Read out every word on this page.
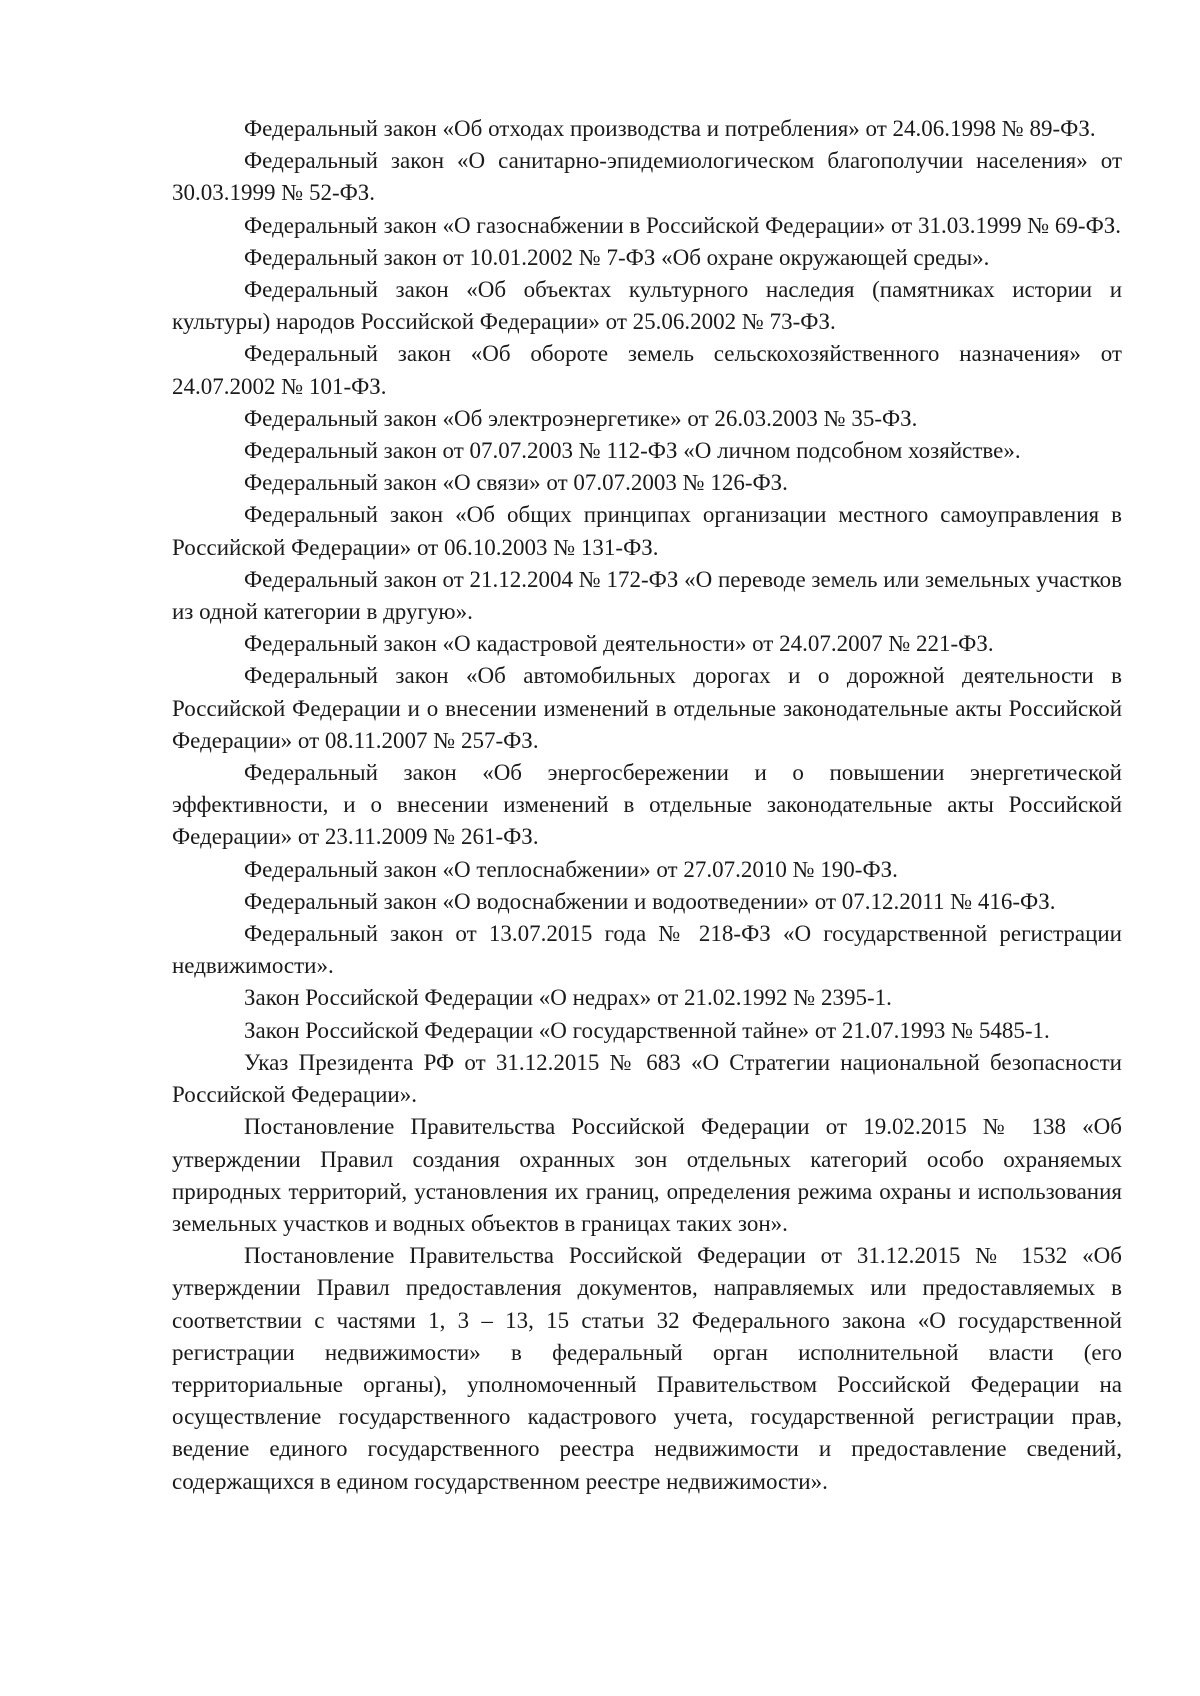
Федеральный закон «Об отходах производства и потребления» от 24.06.1998 № 89-ФЗ.

Федеральный закон «О санитарно-эпидемиологическом благополучии населения» от 30.03.1999 № 52-ФЗ.

Федеральный закон «О газоснабжении в Российской Федерации» от 31.03.1999 № 69-ФЗ.

Федеральный закон от 10.01.2002 № 7-ФЗ «Об охране окружающей среды».

Федеральный закон «Об объектах культурного наследия (памятниках истории и культуры) народов Российской Федерации» от 25.06.2002 № 73-ФЗ.

Федеральный закон «Об обороте земель сельскохозяйственного назначения» от 24.07.2002 № 101-ФЗ.

Федеральный закон «Об электроэнергетике» от 26.03.2003 № 35-ФЗ.

Федеральный закон от 07.07.2003 № 112-ФЗ «О личном подсобном хозяйстве».

Федеральный закон «О связи» от 07.07.2003 № 126-ФЗ.

Федеральный закон «Об общих принципах организации местного самоуправления в Российской Федерации» от 06.10.2003 № 131-ФЗ.

Федеральный закон от 21.12.2004 № 172-ФЗ «О переводе земель или земельных участков из одной категории в другую».

Федеральный закон «О кадастровой деятельности» от 24.07.2007 № 221-ФЗ.

Федеральный закон «Об автомобильных дорогах и о дорожной деятельности в Российской Федерации и о внесении изменений в отдельные законодательные акты Российской Федерации» от 08.11.2007 № 257-ФЗ.

Федеральный закон «Об энергосбережении и о повышении энергетической эффективности, и о внесении изменений в отдельные законодательные акты Российской Федерации» от 23.11.2009 № 261-ФЗ.

Федеральный закон «О теплоснабжении» от 27.07.2010 № 190-ФЗ.

Федеральный закон «О водоснабжении и водоотведении» от 07.12.2011 № 416-ФЗ.

Федеральный закон от 13.07.2015 года № 218-ФЗ «О государственной регистрации недвижимости».

Закон Российской Федерации «О недрах» от 21.02.1992 № 2395-1.

Закон Российской Федерации «О государственной тайне» от 21.07.1993 № 5485-1.

Указ Президента РФ от 31.12.2015 № 683 «О Стратегии национальной безопасности Российской Федерации».

Постановление Правительства Российской Федерации от 19.02.2015 № 138 «Об утверждении Правил создания охранных зон отдельных категорий особо охраняемых природных территорий, установления их границ, определения режима охраны и использования земельных участков и водных объектов в границах таких зон».

Постановление Правительства Российской Федерации от 31.12.2015 № 1532 «Об утверждении Правил предоставления документов, направляемых или предоставляемых в соответствии с частями 1, 3 – 13, 15 статьи 32 Федерального закона «О государственной регистрации недвижимости» в федеральный орган исполнительной власти (его территориальные органы), уполномоченный Правительством Российской Федерации на осуществление государственного кадастрового учета, государственной регистрации прав, ведение единого государственного реестра недвижимости и предоставление сведений, содержащихся в едином государственном реестре недвижимости».
